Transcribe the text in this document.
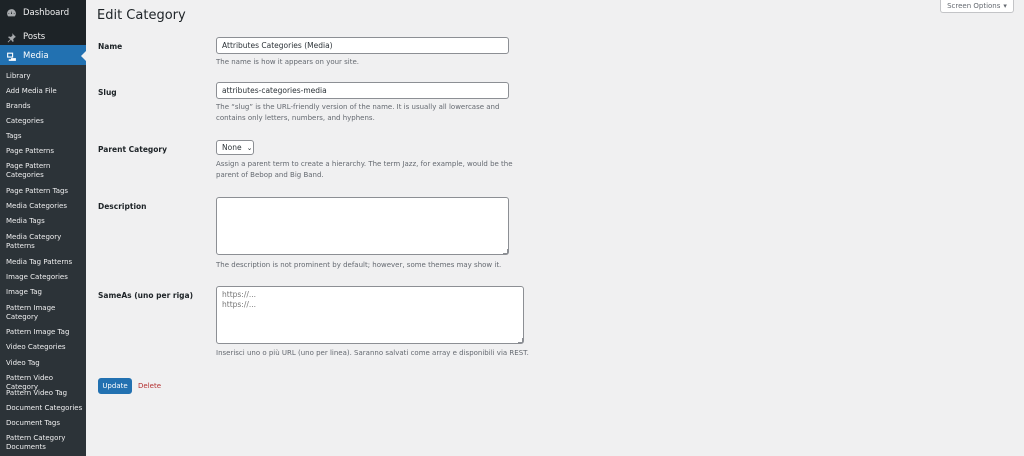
Dashboard
Posts
Media
Library
Add Media File
Brands
Categories
Tags
Page Patterns
Page Pattern Categories
Page Pattern Tags
Media Categories
Media Tags
Media Category Patterns
Media Tag Patterns
Image Categories
Image Tag
Pattern Image Category
Pattern Image Tag
Video Categories
Video Tag
Pattern Video Category
Pattern Video Tag
Document Categories
Document Tags
Pattern Category Documents
Edit Category
Screen Options ▾
Name
Attributes Categories (Media)
The name is how it appears on your site.
Slug
attributes-categories-media
The “slug” is the URL-friendly version of the name. It is usually all lowercase and
contains only letters, numbers, and hyphens.
Parent Category	None ⌄
Assign a parent term to create a hierarchy. The term Jazz, for example, would be the
parent of Bebop and Big Band.
Description
The description is not prominent by default; however, some themes may show it.
SameAs (uno per riga)
https://... https://...
Inserisci uno o più URL (uno per linea). Saranno salvati come array e disponibili via REST.
Update	Delete
